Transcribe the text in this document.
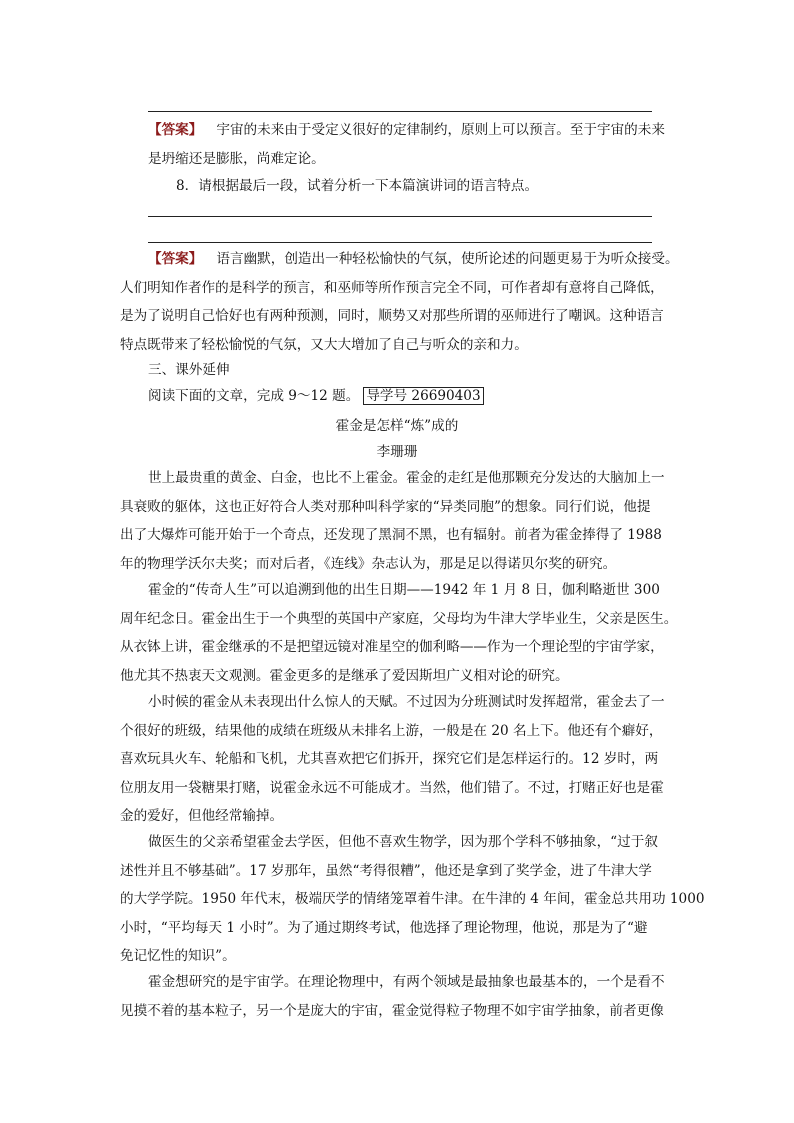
【答案】 宇宙的未来由于受定义很好的定律制约，原则上可以预言。至于宇宙的未来
是坍缩还是膨胀，尚难定论。
8．请根据最后一段，试着分析一下本篇演讲词的语言特点。
【答案】 语言幽默，创造出一种轻松愉快的气氛，使所论述的问题更易于为听众接受。
人们明知作者作的是科学的预言，和巫师等所作预言完全不同，可作者却有意将自己降低，
是为了说明自己恰好也有两种预测，同时，顺势又对那些所谓的巫师进行了嘲讽。这种语言
特点既带来了轻松愉悦的气氛，又大大增加了自己与听众的亲和力。
三、课外延伸
阅读下面的文章，完成 9～12 题。 导学号 26690403

霍金是怎样“炼”成的

李珊珊

世上最贵重的黄金、白金，也比不上霍金。霍金的走红是他那颗充分发达的大脑加上一
具衰败的躯体，这也正好符合人类对那种叫科学家的“异类同胞”的想象。同行们说，他提
出了大爆炸可能开始于一个奇点，还发现了黑洞不黑，也有辐射。前者为霍金捧得了 1988
年的物理学沃尔夫奖；而对后者，《连线》杂志认为，那是足以得诺贝尔奖的研究。
霍金的“传奇人生”可以追溯到他的出生日期——1942 年 1 月 8 日，伽利略逝世 300
周年纪念日。霍金出生于一个典型的英国中产家庭，父母均为牛津大学毕业生，父亲是医生。
从衣钵上讲，霍金继承的不是把望远镜对准星空的伽利略——作为一个理论型的宇宙学家，
他尤其不热衷天文观测。霍金更多的是继承了爱因斯坦广义相对论的研究。
小时候的霍金从未表现出什么惊人的天赋。不过因为分班测试时发挥超常，霍金去了一
个很好的班级，结果他的成绩在班级从未排名上游，一般是在 20 名上下。他还有个癖好，
喜欢玩具火车、轮船和飞机，尤其喜欢把它们拆开，探究它们是怎样运行的。12 岁时，两
位朋友用一袋糖果打赌，说霍金永远不可能成才。当然，他们错了。不过，打赌正好也是霍
金的爱好，但他经常输掉。
做医生的父亲希望霍金去学医，但他不喜欢生物学，因为那个学科不够抽象，“过于叙
述性并且不够基础”。17 岁那年，虽然“考得很糟”，他还是拿到了奖学金，进了牛津大学
的大学学院。1950 年代末，极端厌学的情绪笼罩着牛津。在牛津的 4 年间，霍金总共用功 1000
小时，“平均每天 1 小时”。为了通过期终考试，他选择了理论物理，他说，那是为了“避
免记忆性的知识”。
霍金想研究的是宇宙学。在理论物理中，有两个领域是最抽象也最基本的，一个是看不
见摸不着的基本粒子，另一个是庞大的宇宙，霍金觉得粒子物理不如宇宙学抽象，前者更像
